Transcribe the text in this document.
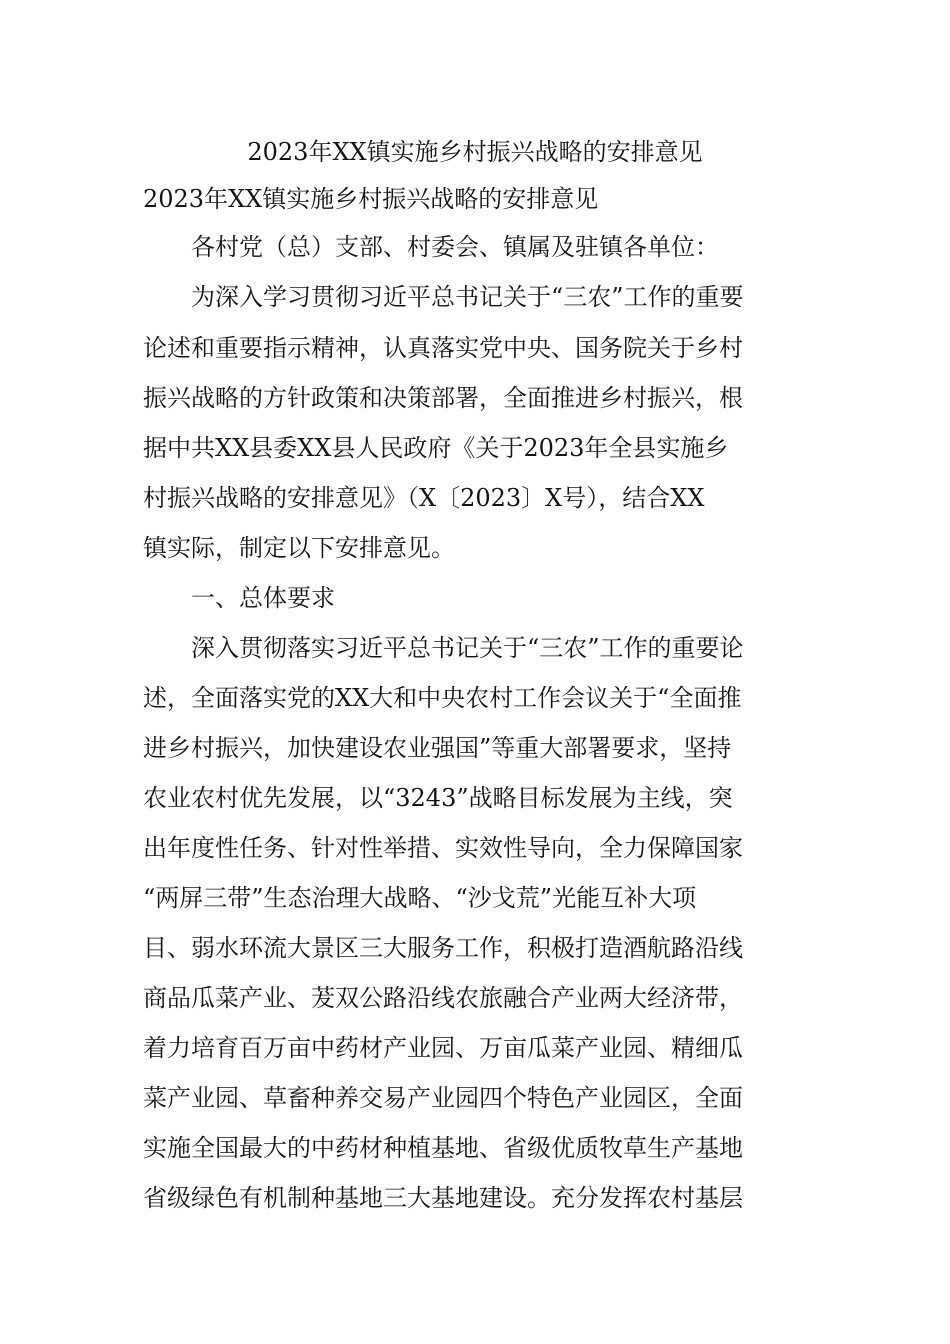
2023年XX镇实施乡村振兴战略的安排意见
2023年XX镇实施乡村振兴战略的安排意见

各村党（总）支部、村委会、镇属及驻镇各单位：

为深入学习贯彻习近平总书记关于“三农”工作的重要

论述和重要指示精神，认真落实党中央、国务院关于乡村

振兴战略的方针政策和决策部署，全面推进乡村振兴，根

据中共XX县委XX县人民政府《关于2023年全县实施乡

村振兴战略的安排意见》（X〔2023〕X号），结合XX

镇实际，制定以下安排意见。

一、总体要求

深入贯彻落实习近平总书记关于“三农”工作的重要论

述，全面落实党的XX大和中央农村工作会议关于“全面推

进乡村振兴，加快建设农业强国”等重大部署要求，坚持

农业农村优先发展，以“3243”战略目标发展为主线，突

出年度性任务、针对性举措、实效性导向，全力保障国家

“两屏三带”生态治理大战略、“沙戈荒”光能互补大项

目、弱水环流大景区三大服务工作，积极打造酒航路沿线

商品瓜菜产业、茇双公路沿线农旅融合产业两大经济带，

着力培育百万亩中药材产业园、万亩瓜菜产业园、精细瓜

菜产业园、草畜种养交易产业园四个特色产业园区，全面

实施全国最大的中药材种植基地、省级优质牧草生产基地

省级绿色有机制种基地三大基地建设。充分发挥农村基层
